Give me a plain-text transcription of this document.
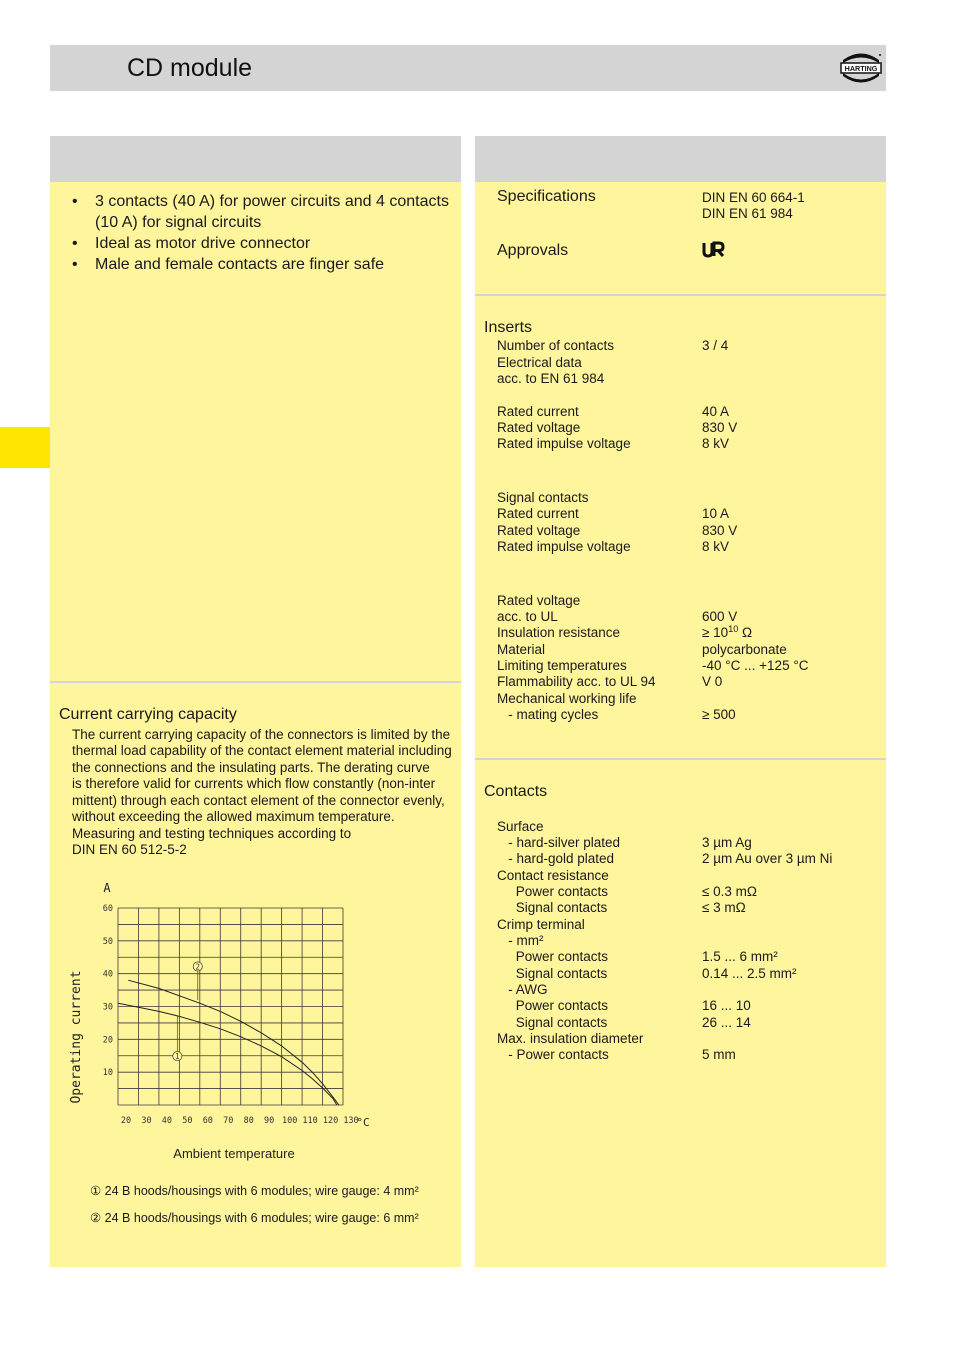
CD module	HARTING
• 3 contacts (40 A) for power circuits and 4 contacts (10 A) for signal circuits
• Ideal as motor drive connector
• Male and female contacts are finger safe
Current carrying capacity
The current carrying capacity of the connectors is limited by the
thermal load capability of the contact element material including
the connections and the insulating parts. The derating curve
is therefore valid for currents which flow constantly (non-inter
mittent) through each contact element of the connector evenly,
without exceeding the allowed maximum temperature.
Measuring and testing techniques according to
DIN EN 60 512-5-2
20 30 40 50 60 70 80 90 100 110 120 130
10
20
30
40
50
60
A
°C
Operating current
Ambient temperature
1
2
① 24 B hoods/housings with 6 modules; wire gauge: 4 mm²
② 24 B hoods/housings with 6 modules; wire gauge: 6 mm²
Specifications	DIN EN 60 664-1
DIN EN 61 984
Approvals
Inserts
Number of contacts	3 / 4
Electrical data
acc. to EN 61 984
Rated current	40 A
Rated voltage	830 V
Rated impulse voltage	8 kV
Signal contacts
Rated current	10 A
Rated voltage	830 V
Rated impulse voltage	8 kV
Rated voltage
acc. to UL	600 V
Insulation resistance	≥ $10^{10}$ Ω
Material	polycarbonate
Limiting temperatures	-40 °C ... +125 °C
Flammability acc. to UL 94	V 0
Mechanical working life
- mating cycles	≥ 500
Contacts
Surface
- hard-silver plated	3 µm Ag
- hard-gold plated	2 µm Au over 3 µm Ni
Contact resistance
Power contacts	≤ 0.3 mΩ
Signal contacts	≤ 3 mΩ
Crimp terminal
- mm²
Power contacts	1.5 ... 6 mm²
Signal contacts	0.14 ... 2.5 mm²
- AWG
Power contacts	16 ... 10
Signal contacts	26 ... 14
Max. insulation diameter
- Power contacts	5 mm
